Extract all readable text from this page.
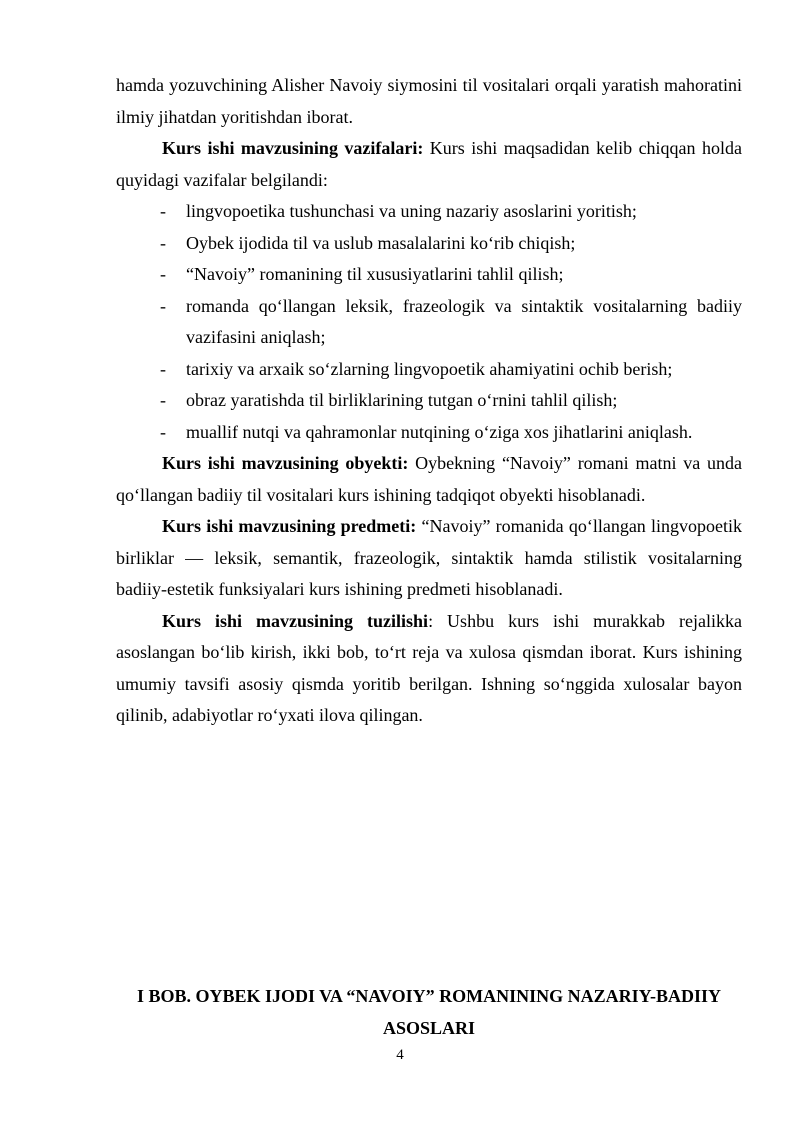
hamda yozuvchining Alisher Navoiy siymosini til vositalari orqali yaratish mahoratini ilmiy jihatdan yoritishdan iborat.

Kurs ishi mavzusining vazifalari: Kurs ishi maqsadidan kelib chiqqan holda quyidagi vazifalar belgilandi:

- lingvopoetika tushunchasi va uning nazariy asoslarini yoritish;
- Oybek ijodida til va uslub masalalarini ko‘rib chiqish;
- “Navoiy” romanining til xususiyatlarini tahlil qilish;
- romanda qo‘llangan leksik, frazeologik va sintaktik vositalarning badiiy vazifasini aniqlash;
- tarixiy va arxaik so‘zlarning lingvopoetik ahamiyatini ochib berish;
- obraz yaratishda til birliklarining tutgan o‘rnini tahlil qilish;
- muallif nutqi va qahramonlar nutqining o‘ziga xos jihatlarini aniqlash.

Kurs ishi mavzusining obyekti: Oybekning “Navoiy” romani matni va unda qo‘llangan badiiy til vositalari kurs ishining tadqiqot obyekti hisoblanadi.

Kurs ishi mavzusining predmeti: “Navoiy” romanida qo‘llangan lingvopoetik birliklar — leksik, semantik, frazeologik, sintaktik hamda stilistik vositalarning badiiy-estetik funksiyalari kurs ishining predmeti hisoblanadi.

Kurs ishi mavzusining tuzilishi: Ushbu kurs ishi murakkab rejalikka asoslangan bo‘lib kirish, ikki bob, to‘rt reja va xulosa qismdan iborat. Kurs ishining umumiy tavsifi asosiy qismda yoritib berilgan. Ishning so‘nggida xulosalar bayon qilinib, adabiyotlar ro‘yxati ilova qilingan.

I BOB. OYBEK IJODI VA “NAVOIY” ROMANINING NAZARIY-BADIIY ASOSLARI
4
